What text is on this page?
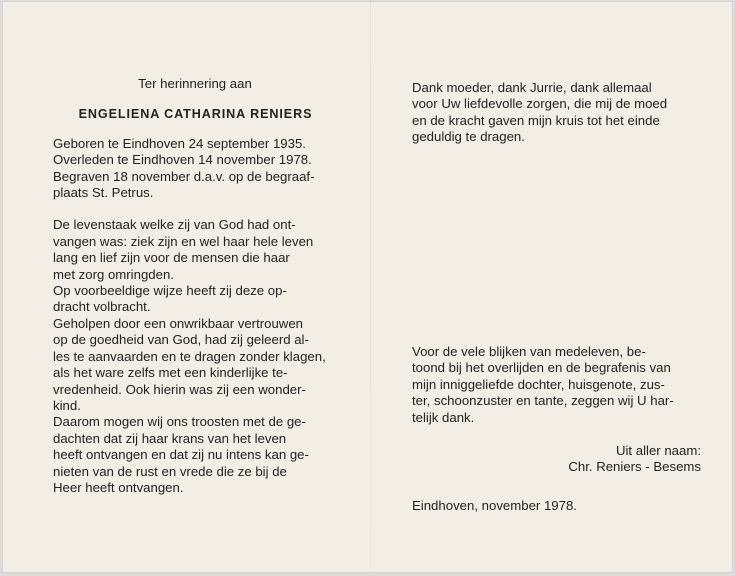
Ter herinnering aan

ENGELIENA CATHARINA RENIERS

Geboren te Eindhoven 24 september 1935.

Overleden te Eindhoven 14 november 1978.

Begraven 18 november d.a.v. op de begraaf-

plaats St. Petrus.

De levenstaak welke zij van God had ont-

vangen was: ziek zijn en wel haar hele leven

lang en lief zijn voor de mensen die haar

met zorg omringden.

Op voorbeeldige wijze heeft zij deze op-

dracht volbracht.

Geholpen door een onwrikbaar vertrouwen

op de goedheid van God, had zij geleerd al-

les te aanvaarden en te dragen zonder klagen,

als het ware zelfs met een kinderlijke te-

vredenheid. Ook hierin was zij een wonder-

kind.

Daarom mogen wij ons troosten met de ge-

dachten dat zij haar krans van het leven

heeft ontvangen en dat zij nu intens kan ge-

nieten van de rust en vrede die ze bij de

Heer heeft ontvangen.

Dank moeder, dank Jurrie, dank allemaal

voor Uw liefdevolle zorgen, die mij de moed

en de kracht gaven mijn kruis tot het einde

geduldig te dragen.

Voor de vele blijken van medeleven, be-

toond bij het overlijden en de begrafenis van

mijn inniggeliefde dochter, huisgenote, zus-

ter, schoonzuster en tante, zeggen wij U har-

telijk dank.

Uit aller naam:

Chr. Reniers - Besems

Eindhoven, november 1978.
